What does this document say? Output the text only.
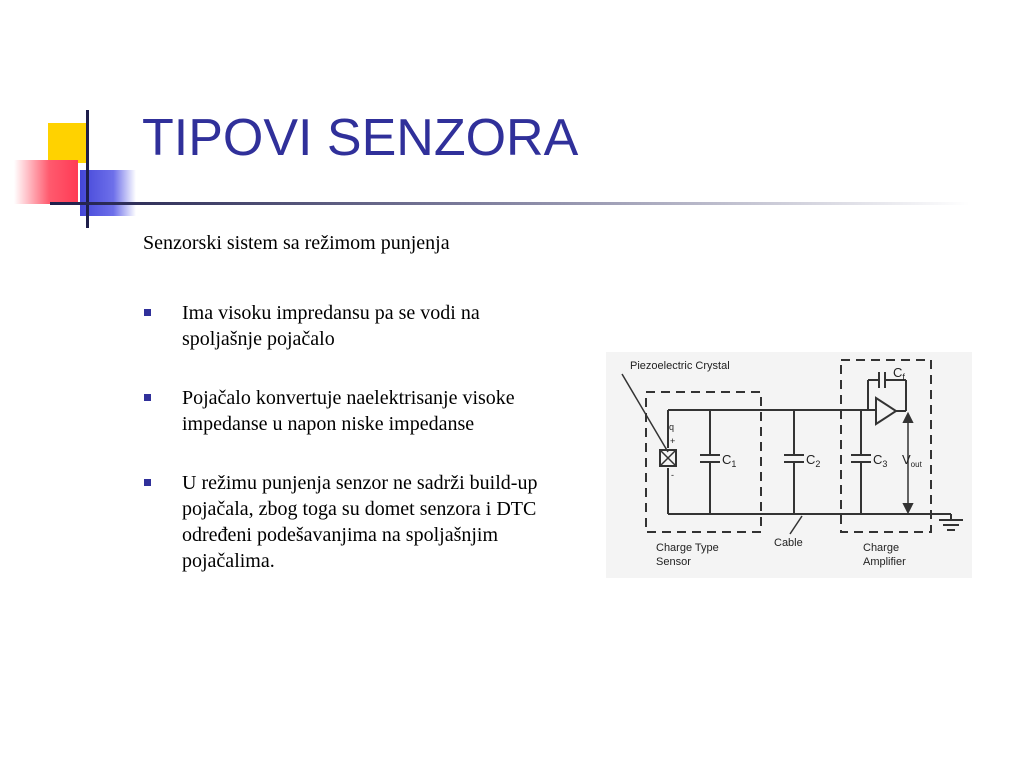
TIPOVI SENZORA
Senzorski sistem sa režimom punjenja
Ima visoku impredansu pa se vodi na spoljašnje pojačalo
Pojačalo konvertuje naelektrisanje visoke impedanse u napon niske impedanse
U režimu punjenja senzor ne sadrži build-up pojačala, zbog toga su domet senzora i DTC određeni podešavanjima na spoljašnjim pojačalima.
Piezoelectric Crystal
q
+
-
$C_1$	$C_2$	$C_3$
$C_f$
$V_{out}$
Charge Type
Sensor
Cable	Charge
Amplifier
